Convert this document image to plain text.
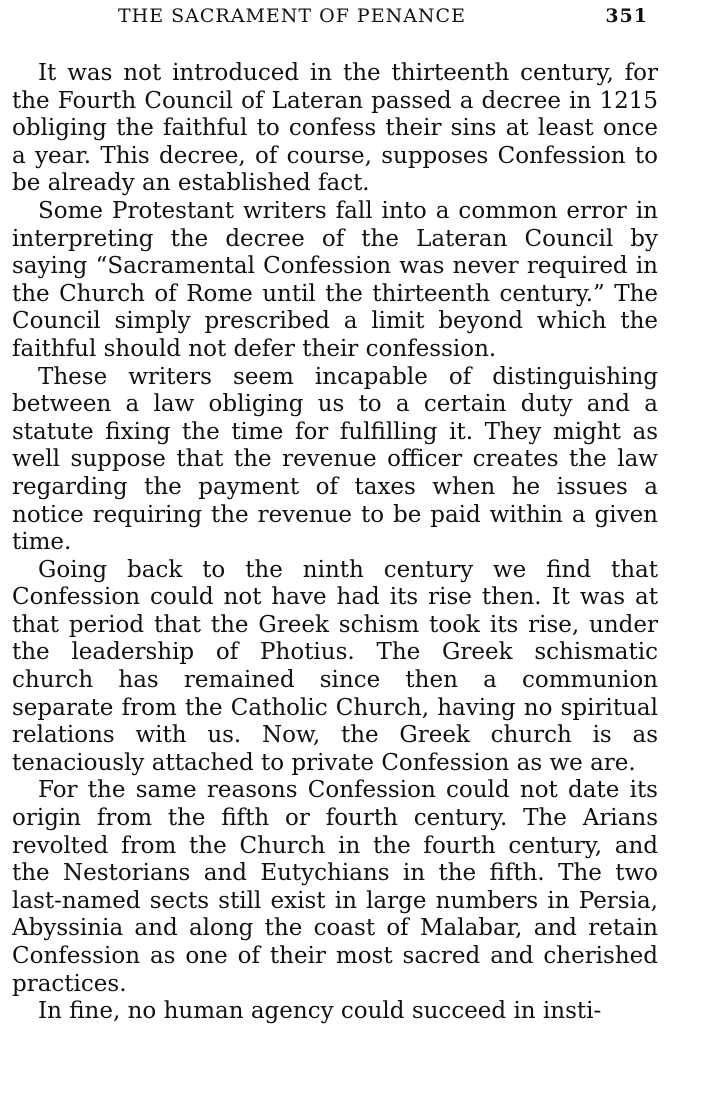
THE SACRAMENT OF PENANCE	351

It was not introduced in the thirteenth century, for the Fourth Council of Lateran passed a decree in 1215 obliging the faithful to confess their sins at least once a year. This decree, of course, supposes Confession to be already an established fact.

Some Protestant writers fall into a common error in interpreting the decree of the Lateran Council by saying “Sacramental Confession was never required in the Church of Rome until the thirteenth century.” The Council simply prescribed a limit beyond which the faithful should not defer their confession.

These writers seem incapable of distinguishing between a law obliging us to a certain duty and a statute fixing the time for fulfilling it. They might as well suppose that the revenue officer creates the law regarding the payment of taxes when he issues a notice requiring the revenue to be paid within a given time.

Going back to the ninth century we find that Confession could not have had its rise then. It was at that period that the Greek schism took its rise, under the leadership of Photius. The Greek schismatic church has remained since then a communion separate from the Catholic Church, having no spiritual relations with us. Now, the Greek church is as tenaciously attached to private Confession as we are.

For the same reasons Confession could not date its origin from the fifth or fourth century. The Arians revolted from the Church in the fourth century, and the Nestorians and Eutychians in the fifth. The two last-named sects still exist in large numbers in Persia, Abyssinia and along the coast of Malabar, and retain Confession as one of their most sacred and cherished practices.

In fine, no human agency could succeed in insti-
